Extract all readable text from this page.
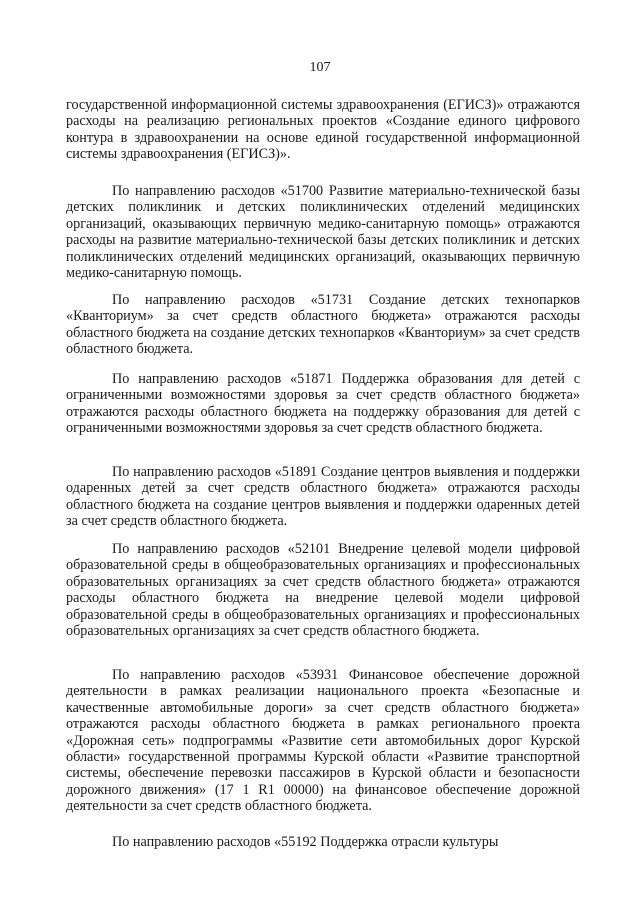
107

государственной информационной системы здравоохранения (ЕГИСЗ)» отражаются расходы на реализацию региональных проектов «Создание единого цифрового контура в здравоохранении на основе единой государственной информационной системы здравоохранения (ЕГИСЗ)».

По направлению расходов «51700 Развитие материально-технической базы детских поликлиник и детских поликлинических отделений медицинских организаций, оказывающих первичную медико-санитарную помощь» отражаются расходы на развитие материально-технической базы детских поликлиник и детских поликлинических отделений медицинских организаций, оказывающих первичную медико-санитарную помощь.

По направлению расходов «51731 Создание детских технопарков «Кванториум» за счет средств областного бюджета» отражаются расходы областного бюджета на создание детских технопарков «Кванториум» за счет средств областного бюджета.

По направлению расходов «51871 Поддержка образования для детей с ограниченными возможностями здоровья за счет средств областного бюджета» отражаются расходы областного бюджета на поддержку образования для детей с ограниченными возможностями здоровья за счет средств областного бюджета.

По направлению расходов «51891 Создание центров выявления и поддержки одаренных детей за счет средств областного бюджета» отражаются расходы областного бюджета на создание центров выявления и поддержки одаренных детей за счет средств областного бюджета.

По направлению расходов «52101 Внедрение целевой модели цифровой образовательной среды в общеобразовательных организациях и профессиональных образовательных организациях за счет средств областного бюджета» отражаются расходы областного бюджета на внедрение целевой модели цифровой образовательной среды в общеобразовательных организациях и профессиональных образовательных организациях за счет средств областного бюджета.

По направлению расходов «53931 Финансовое обеспечение дорожной деятельности в рамках реализации национального проекта «Безопасные и качественные автомобильные дороги» за счет средств областного бюджета» отражаются расходы областного бюджета в рамках регионального проекта «Дорожная сеть» подпрограммы «Развитие сети автомобильных дорог Курской области» государственной программы Курской области «Развитие транспортной системы, обеспечение перевозки пассажиров в Курской области и безопасности дорожного движения» (17 1 R1 00000) на финансовое обеспечение дорожной деятельности за счет средств областного бюджета.

По направлению расходов «55192 Поддержка отрасли культуры
